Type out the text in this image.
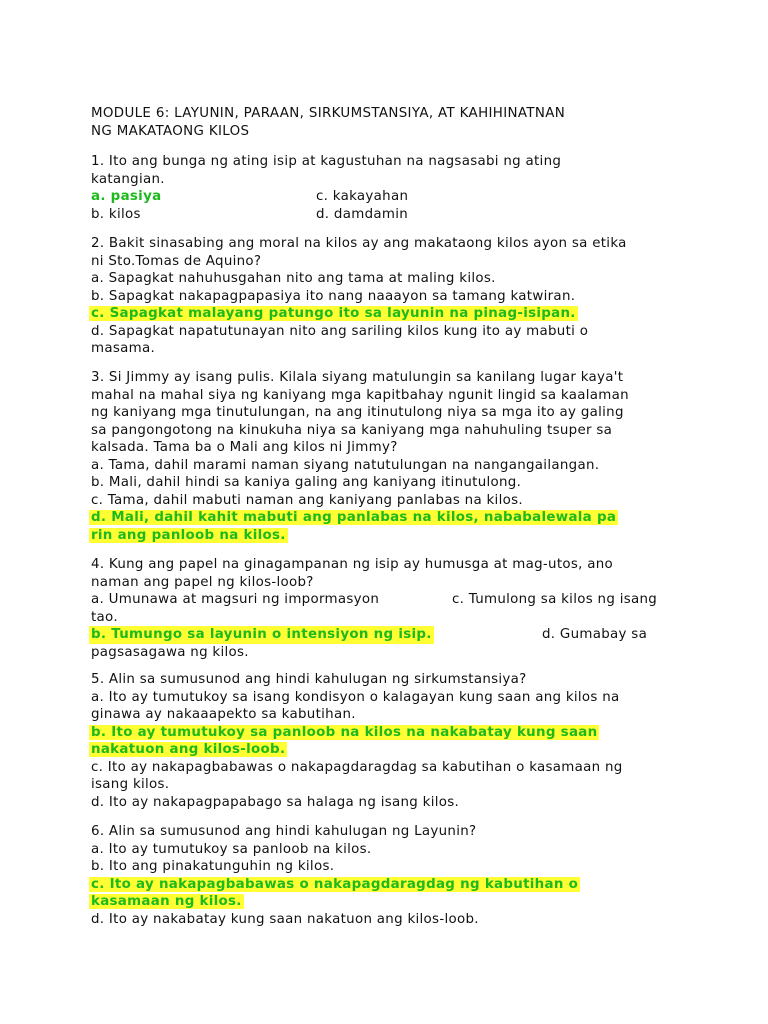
MODULE 6: LAYUNIN, PARAAN, SIRKUMSTANSIYA, AT KAHIHINATNAN
NG MAKATAONG KILOS

1. Ito ang bunga ng ating isip at kagustuhan na nagsasabi ng ating

katangian.

a. pasiya	c. kakayahan
b. kilos	d. damdamin

2. Bakit sinasabing ang moral na kilos ay ang makataong kilos ayon sa etika

ni Sto.Tomas de Aquino?

a. Sapagkat nahuhusgahan nito ang tama at maling kilos.

b. Sapagkat nakapagpapasiya ito nang naaayon sa tamang katwiran.

c. Sapagkat malayang patungo ito sa layunin na pinag-isipan.

d. Sapagkat napatutunayan nito ang sariling kilos kung ito ay mabuti o

masama.

3. Si Jimmy ay isang pulis. Kilala siyang matulungin sa kanilang lugar kaya't

mahal na mahal siya ng kaniyang mga kapitbahay ngunit lingid sa kaalaman

ng kaniyang mga tinutulungan, na ang itinutulong niya sa mga ito ay galing

sa pangongotong na kinukuha niya sa kaniyang mga nahuhuling tsuper sa

kalsada. Tama ba o Mali ang kilos ni Jimmy?

a. Tama, dahil marami naman siyang natutulungan na nangangailangan.

b. Mali, dahil hindi sa kaniya galing ang kaniyang itinutulong.

c. Tama, dahil mabuti naman ang kaniyang panlabas na kilos.

d. Mali, dahil kahit mabuti ang panlabas na kilos, nababalewala pa

rin ang panloob na kilos.

4. Kung ang papel na ginagampanan ng isip ay humusga at mag-utos, ano

naman ang papel ng kilos-loob?

a. Umunawa at magsuri ng impormasyon	c. Tumulong sa kilos ng isang

tao.

b. Tumungo sa layunin o intensiyon ng isip.	d. Gumabay sa

pagsasagawa ng kilos.

5. Alin sa sumusunod ang hindi kahulugan ng sirkumstansiya?

a. Ito ay tumutukoy sa isang kondisyon o kalagayan kung saan ang kilos na

ginawa ay nakaaapekto sa kabutihan.

b. Ito ay tumutukoy sa panloob na kilos na nakabatay kung saan

nakatuon ang kilos-loob.

c. Ito ay nakapagbabawas o nakapagdaragdag sa kabutihan o kasamaan ng

isang kilos.

d. Ito ay nakapagpapabago sa halaga ng isang kilos.

6. Alin sa sumusunod ang hindi kahulugan ng Layunin?

a. Ito ay tumutukoy sa panloob na kilos.

b. Ito ang pinakatunguhin ng kilos.

c. Ito ay nakapagbabawas o nakapagdaragdag ng kabutihan o

kasamaan ng kilos.

d. Ito ay nakabatay kung saan nakatuon ang kilos-loob.
